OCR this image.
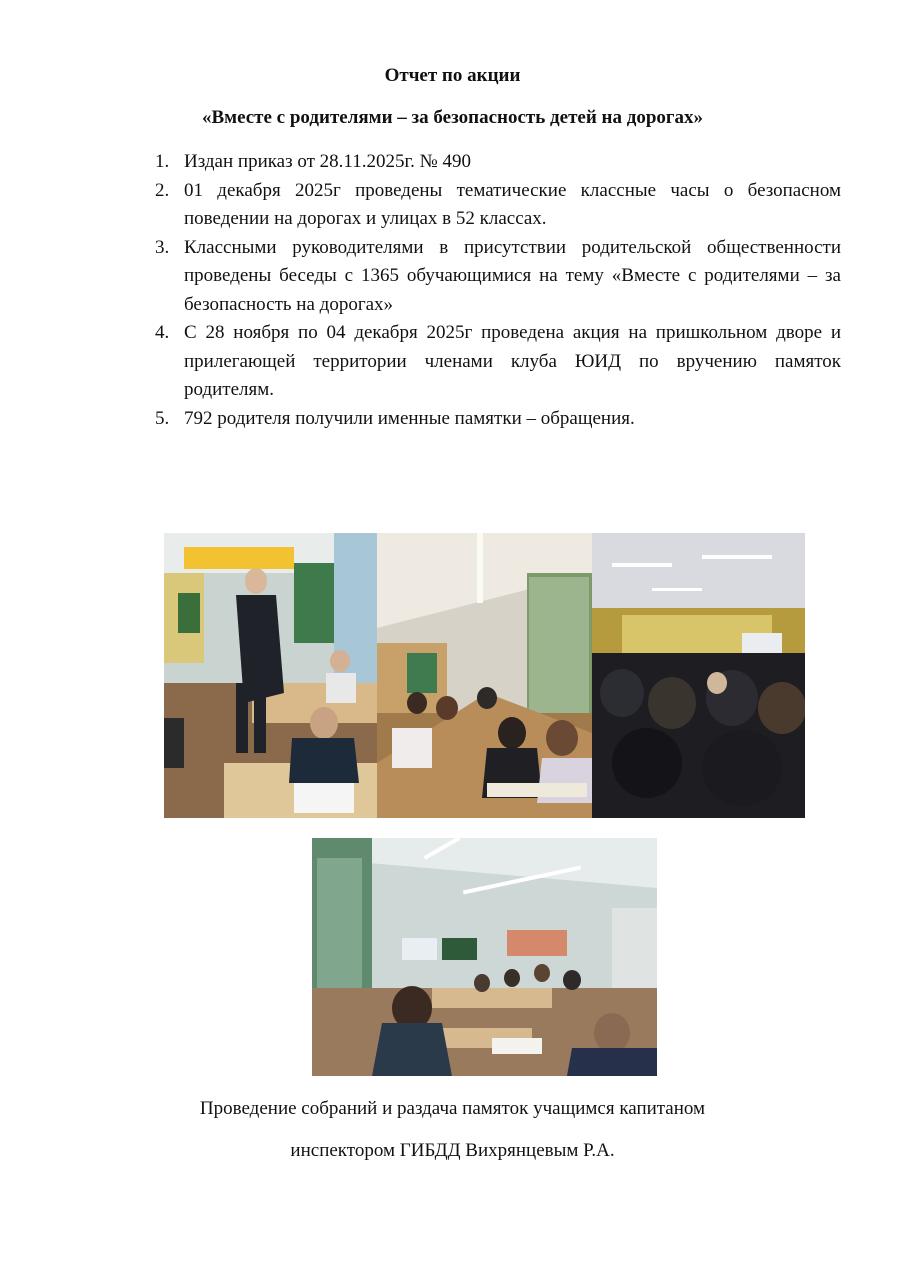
Отчет по акции
«Вместе с родителями – за безопасность детей на дорогах»
1. Издан приказ от 28.11.2025г. № 490
2. 01 декабря 2025г проведены тематические классные часы о безопасном поведении на дорогах и улицах в 52 классах.
3. Классными руководителями в присутствии родительской общественности проведены беседы с 1365 обучающимися на тему «Вместе с родителями – за безопасность на дорогах»
4. С 28 ноября по 04 декабря 2025г проведена акция на пришкольном дворе и прилегающей территории членами клуба ЮИД по вручению памяток родителям.
5. 792 родителя получили именные памятки – обращения.

Проведение собраний и раздача памяток учащимся капитаном

инспектором ГИБДД Вихрянцевым Р.А.
